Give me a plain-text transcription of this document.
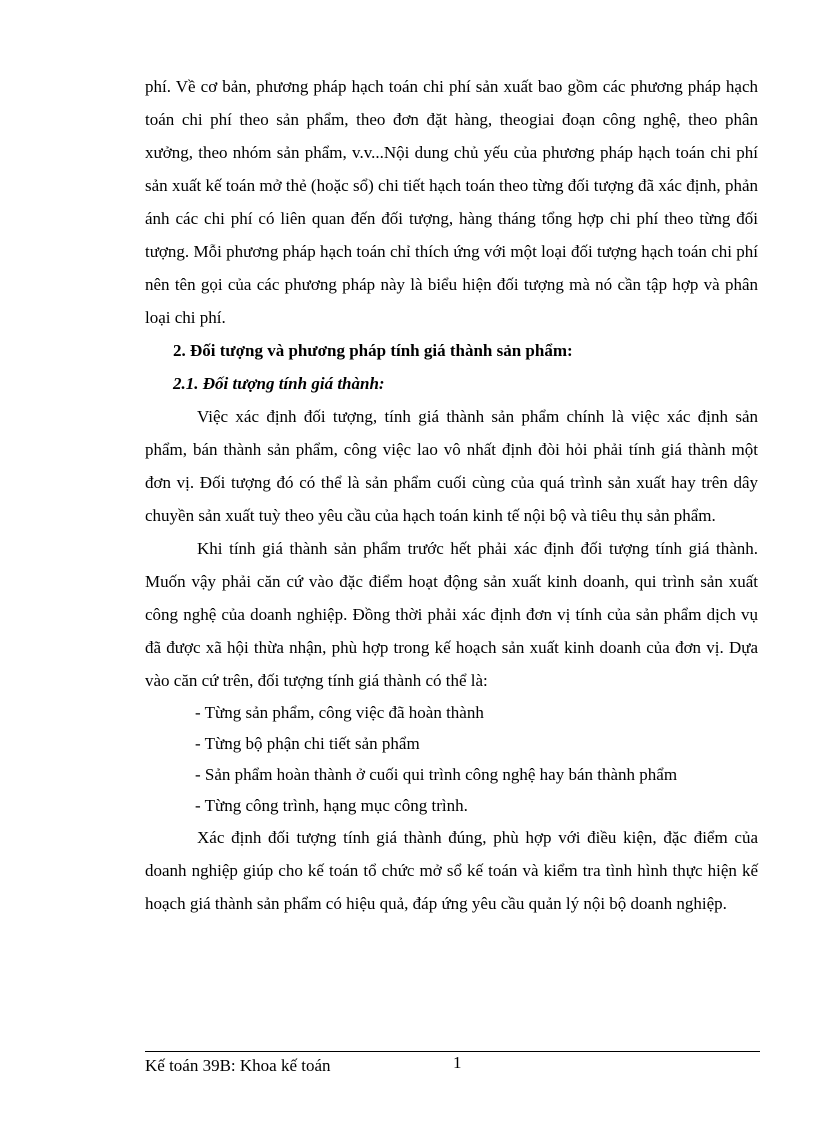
phí. Về cơ bản, phương pháp hạch toán chi phí sản xuất bao gồm các phương pháp hạch toán chi phí theo sản phẩm, theo đơn đặt hàng, theogiai đoạn công nghệ, theo phân xưởng, theo nhóm sản phẩm, v.v...Nội dung chủ yếu của phương pháp hạch toán chi phí sản xuất kế toán mở thẻ (hoặc sổ) chi tiết hạch toán theo từng đối tượng đã xác định, phản ánh các chi phí có liên quan đến đối tượng, hàng tháng tổng hợp chi phí theo từng đối tượng. Mỗi phương pháp hạch toán chỉ thích ứng với một loại đối tượng hạch toán chi phí nên tên gọi của các phương pháp này là biểu hiện đối tượng mà nó cần tập hợp và phân loại chi phí.

2. Đối tượng và phương pháp tính giá thành sản phẩm:

2.1. Đối tượng tính giá thành:

Việc xác định đối tượng, tính giá thành sản phẩm chính là việc xác định sản phẩm, bán thành sản phẩm, công việc lao vô nhất định đòi hỏi phải tính giá thành một đơn vị. Đối tượng đó có thể là sản phẩm cuối cùng của quá trình sản xuất hay trên dây chuyền sản xuất tuỳ theo yêu cầu của hạch toán kinh tế nội bộ và tiêu thụ sản phẩm.

Khi tính giá thành sản phẩm trước hết phải xác định đối tượng tính giá thành. Muốn vậy phải căn cứ vào đặc điểm hoạt động sản xuất kinh doanh, qui trình sản xuất công nghệ của doanh nghiệp. Đồng thời phải xác định đơn vị tính của sản phẩm dịch vụ đã được xã hội thừa nhận, phù hợp trong kế hoạch sản xuất kinh doanh của đơn vị. Dựa vào căn cứ trên, đối tượng tính giá thành có thể là:

- Từng sản phẩm, công việc đã hoàn thành
- Từng bộ phận chi tiết sản phẩm
- Sản phẩm hoàn thành ở cuối qui trình công nghệ hay bán thành phẩm
- Từng công trình, hạng mục công trình.

Xác định đối tượng tính giá thành đúng, phù hợp với điều kiện, đặc điểm của doanh nghiệp giúp cho kế toán tổ chức mở sổ kế toán và kiểm tra tình hình thực hiện kế hoạch giá thành sản phẩm có hiệu quả, đáp ứng yêu cầu quản lý nội bộ doanh nghiệp.

Kế toán 39B: Khoa kế toán	1
